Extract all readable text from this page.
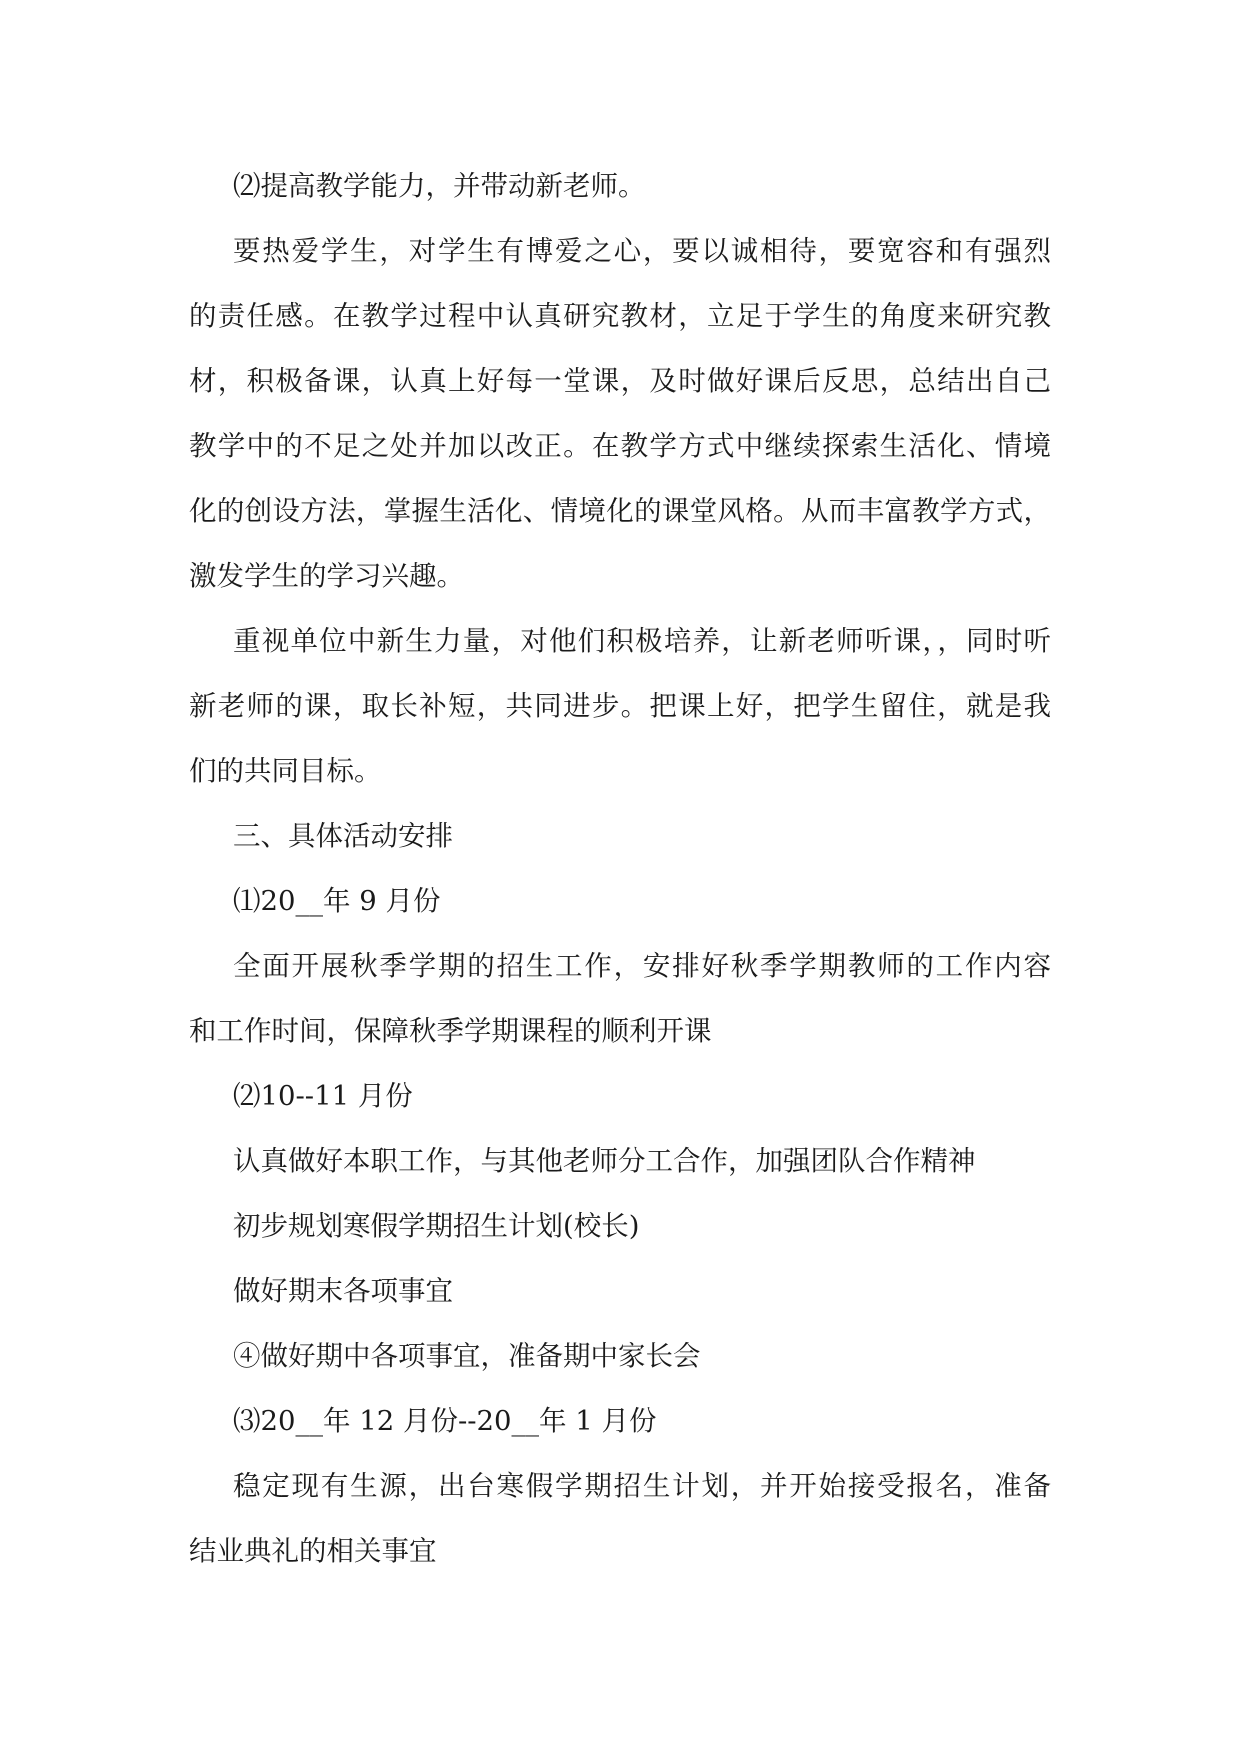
⑵提高教学能力，并带动新老师。
要热爱学生，对学生有博爱之心，要以诚相待，要宽容和有强烈
的责任感。在教学过程中认真研究教材，立足于学生的角度来研究教
材，积极备课，认真上好每一堂课，及时做好课后反思，总结出自己
教学中的不足之处并加以改正。在教学方式中继续探索生活化、情境
化的创设方法，掌握生活化、情境化的课堂风格。从而丰富教学方式，
激发学生的学习兴趣。
重视单位中新生力量，对他们积极培养，让新老师听课，，同时听
新老师的课，取长补短，共同进步。把课上好，把学生留住，就是我
们的共同目标。
三、具体活动安排
⑴20__年 9 月份
全面开展秋季学期的招生工作，安排好秋季学期教师的工作内容
和工作时间，保障秋季学期课程的顺利开课
⑵10--11 月份
认真做好本职工作，与其他老师分工合作，加强团队合作精神
初步规划寒假学期招生计划(校长)
做好期末各项事宜
④做好期中各项事宜，准备期中家长会
⑶20__年 12 月份--20__年 1 月份
稳定现有生源，出台寒假学期招生计划，并开始接受报名，准备
结业典礼的相关事宜
